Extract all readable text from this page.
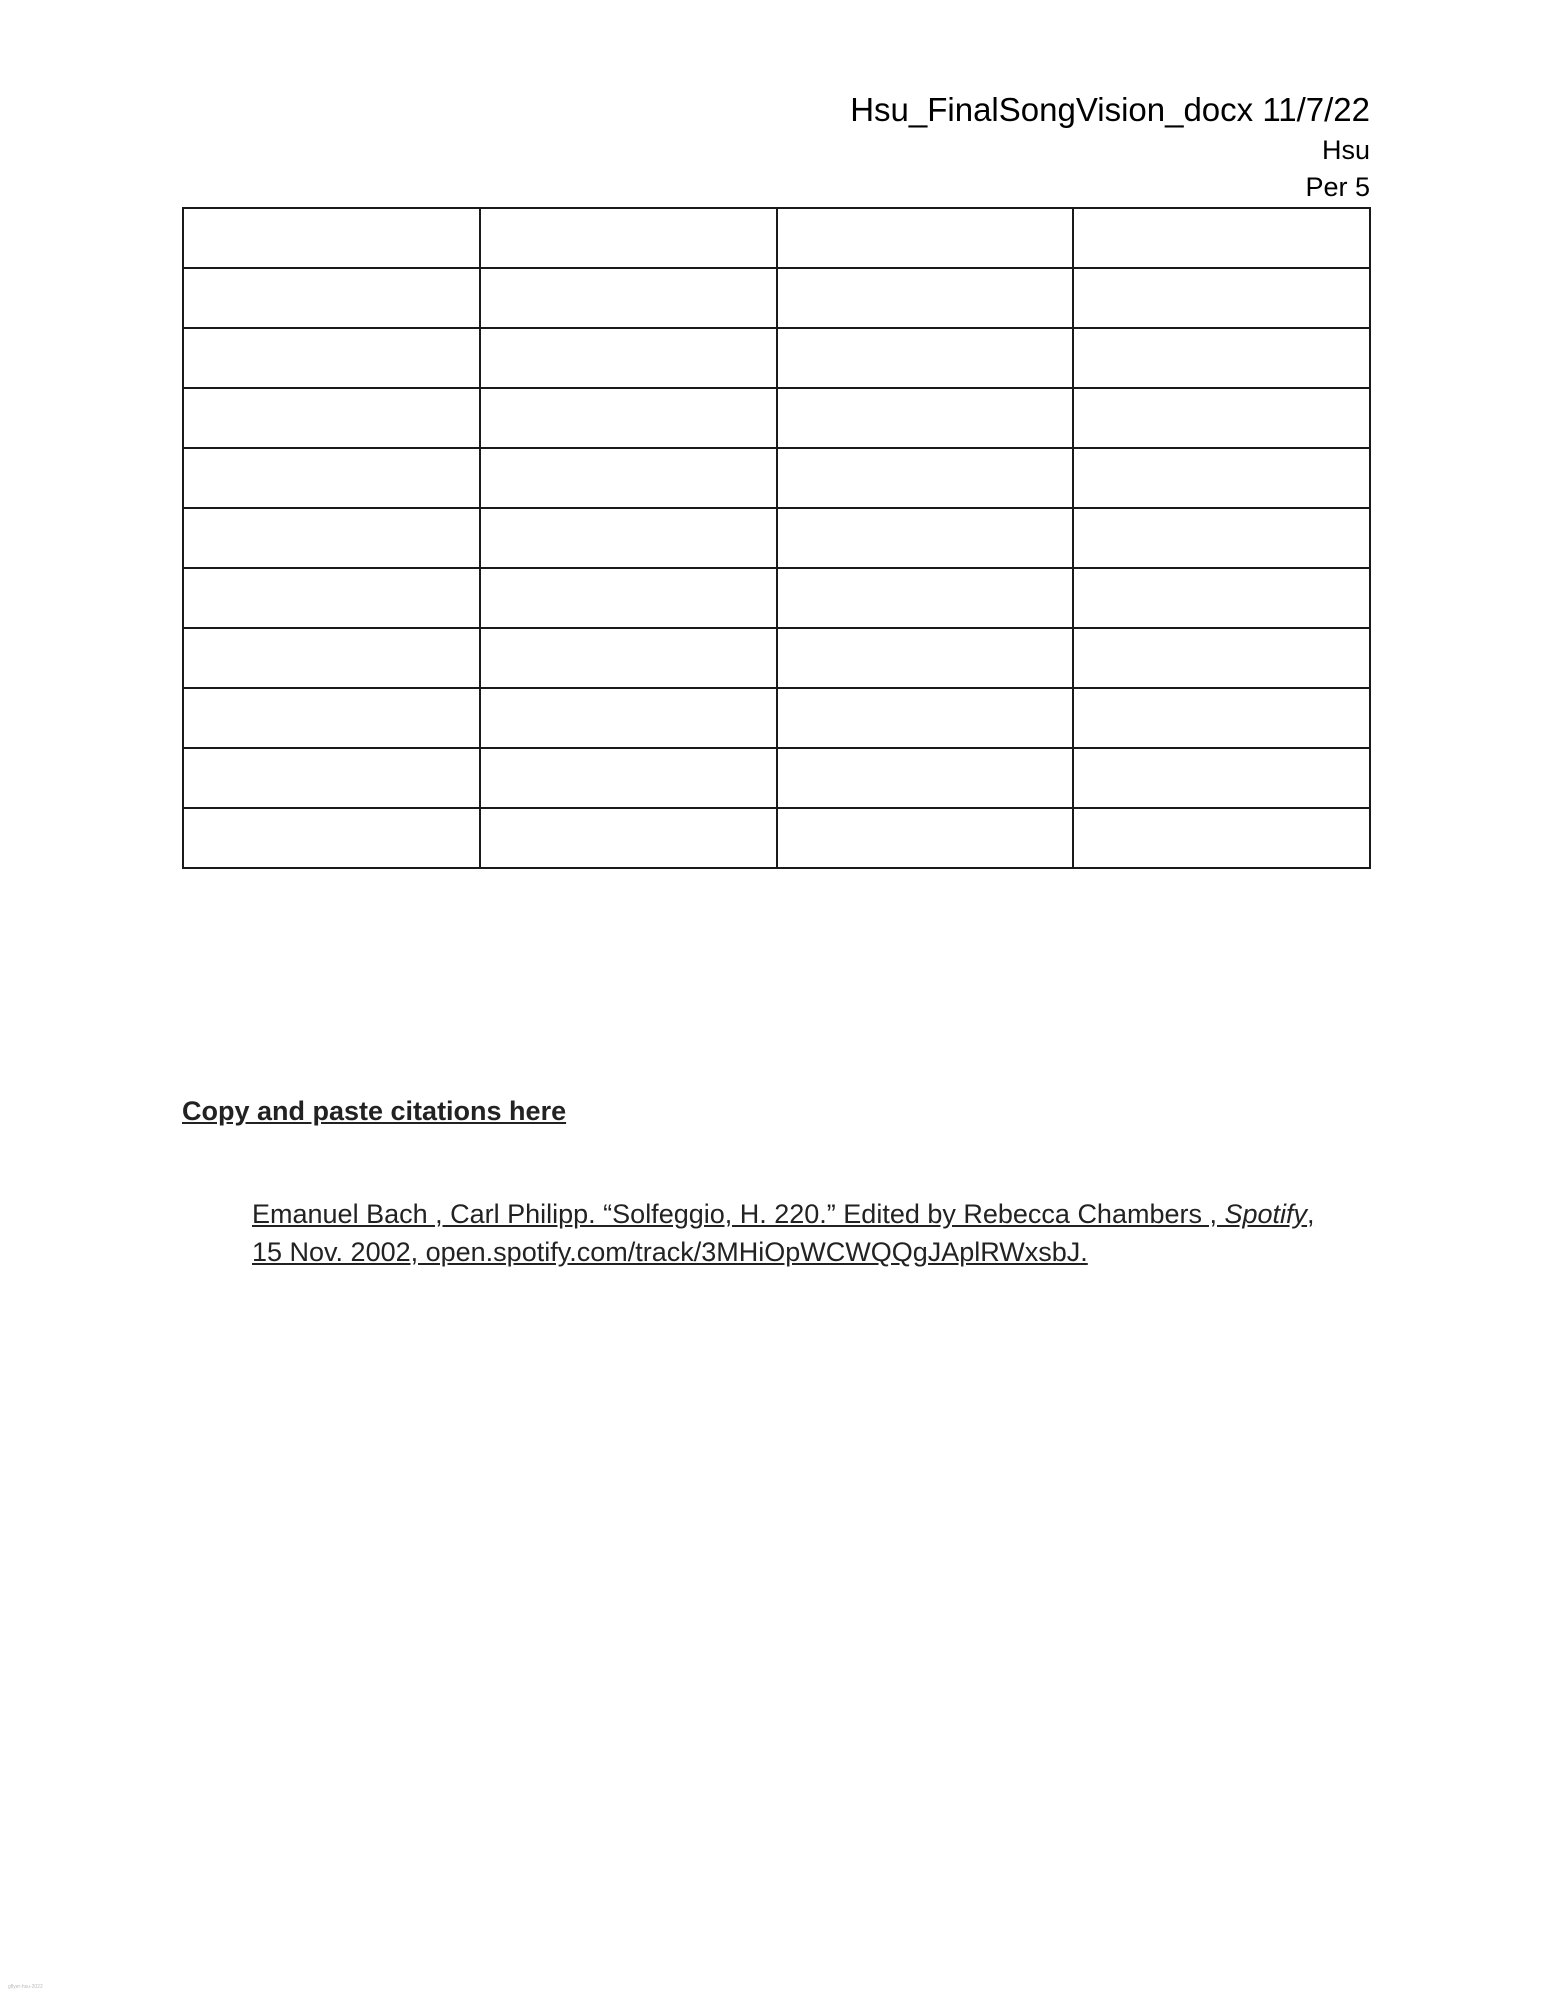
Hsu_FinalSongVision_docx 11/7/22
Hsu
Per 5

Copy and paste citations here
Emanuel Bach , Carl Philipp. “Solfeggio, H. 220.” Edited by Rebecca Chambers , Spotify,
15 Nov. 2002, open.spotify.com/track/3MHiOpWCWQQgJAplRWxsbJ.
gflyer-hsu-2022
